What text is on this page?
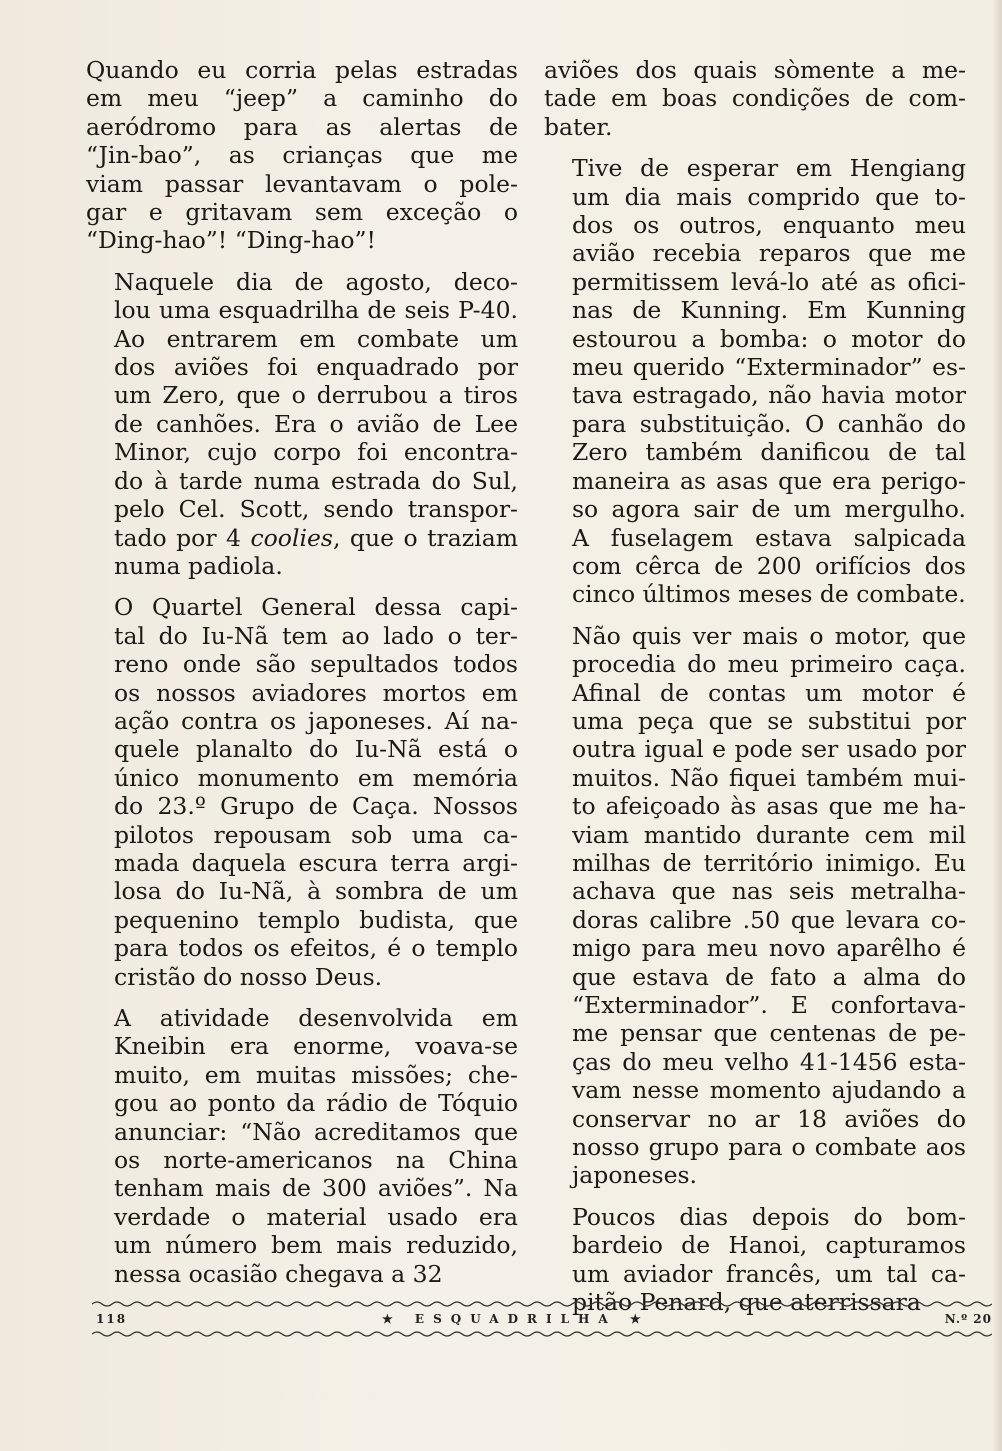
Quando eu corria pelas estradas
em meu “jeep” a caminho do
aeródromo para as alertas de
“Jin-bao”, as crianças que me
viam passar levantavam o pole-
gar e gritavam sem exceção o
“Ding-hao”! “Ding-hao”!
Naquele dia de agosto, deco-
lou uma esquadrilha de seis P-40.
Ao entrarem em combate um
dos aviões foi enquadrado por
um Zero, que o derrubou a tiros
de canhões. Era o avião de Lee
Minor, cujo corpo foi encontra-
do à tarde numa estrada do Sul,
pelo Cel. Scott, sendo transpor-
tado por 4 coolies, que o traziam
numa padiola.
O Quartel General dessa capi-
tal do Iu-Nã tem ao lado o ter-
reno onde são sepultados todos
os nossos aviadores mortos em
ação contra os japoneses. Aí na-
quele planalto do Iu-Nã está o
único monumento em memória
do 23.º Grupo de Caça. Nossos
pilotos repousam sob uma ca-
mada daquela escura terra argi-
losa do Iu-Nã, à sombra de um
pequenino templo budista, que
para todos os efeitos, é o templo
cristão do nosso Deus.
A atividade desenvolvida em
Kneibin era enorme, voava-se
muito, em muitas missões; che-
gou ao ponto da rádio de Tóquio
anunciar: “Não acreditamos que
os norte-americanos na China
tenham mais de 300 aviões”. Na
verdade o material usado era
um número bem mais reduzido,
nessa ocasião chegava a 32
aviões dos quais sòmente a me-
tade em boas condições de com-
bater.
Tive de esperar em Hengiang
um dia mais comprido que to-
dos os outros, enquanto meu
avião recebia reparos que me
permitissem levá-lo até as ofici-
nas de Kunning. Em Kunning
estourou a bomba: o motor do
meu querido “Exterminador” es-
tava estragado, não havia motor
para substituição. O canhão do
Zero também danificou de tal
maneira as asas que era perigo-
so agora sair de um mergulho.
A fuselagem estava salpicada
com cêrca de 200 orifícios dos
cinco últimos meses de combate.
Não quis ver mais o motor, que
procedia do meu primeiro caça.
Afinal de contas um motor é
uma peça que se substitui por
outra igual e pode ser usado por
muitos. Não fiquei também mui-
to afeiçoado às asas que me ha-
viam mantido durante cem mil
milhas de território inimigo. Eu
achava que nas seis metralha-
doras calibre .50 que levara co-
migo para meu novo aparêlho é
que estava de fato a alma do
“Exterminador”. E confortava-
me pensar que centenas de pe-
ças do meu velho 41-1456 esta-
vam nesse momento ajudando a
conservar no ar 18 aviões do
nosso grupo para o combate aos
japoneses.
Poucos dias depois do bom-
bardeio de Hanoi, capturamos
um aviador francês, um tal ca-
pitão Penard, que aterrissara
118	★ ESQUADRILHA ★	N.º 20
